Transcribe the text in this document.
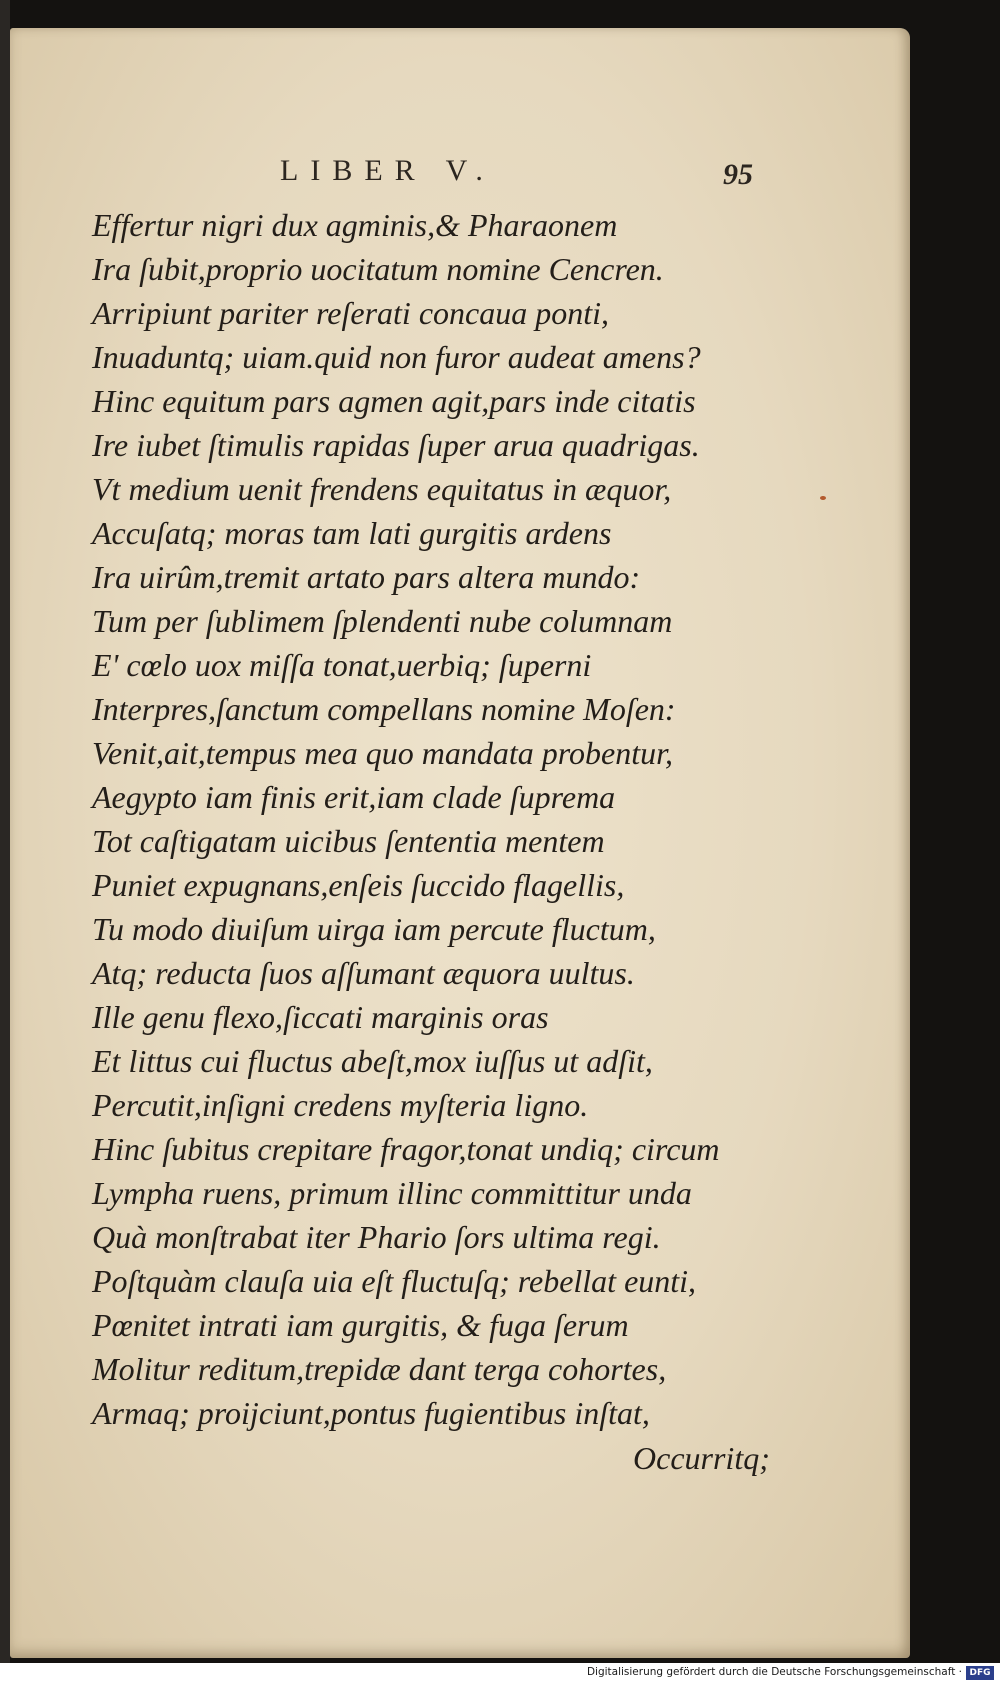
LIBER V.	95
Effertur nigri dux agminis,& Pharaonem
Ira ſubit,proprio uocitatum nomine Cencren.
Arripiunt pariter reſerati concaua ponti,
Inuaduntq; uiam.quid non furor audeat amens?
Hinc equitum pars agmen agit,pars inde citatis
Ire iubet ſtimulis rapidas ſuper arua quadrigas.
Vt medium uenit frendens equitatus in æquor,
Accuſatq; moras tam lati gurgitis ardens
Ira uirûm,tremit artato pars altera mundo:
Tum per ſublimem ſplendenti nube columnam
E' cœlo uox miſſa tonat,uerbiq; ſuperni
Interpres,ſanctum compellans nomine Moſen:
Venit,ait,tempus mea quo mandata probentur,
Aegypto iam finis erit,iam clade ſuprema
Tot caſtigatam uicibus ſententia mentem
Puniet expugnans,enſeis ſuccido flagellis,
Tu modo diuiſum uirga iam percute fluctum,
Atq; reducta ſuos aſſumant æquora uultus.
Ille genu flexo,ſiccati marginis oras
Et littus cui fluctus abeſt,mox iuſſus ut adſit,
Percutit,inſigni credens myſteria ligno.
Hinc ſubitus crepitare fragor,tonat undiq; circum
Lympha ruens, primum illinc committitur unda
Quà monſtrabat iter Phario ſors ultima regi.
Poſtquàm clauſa uia eſt fluctuſq; rebellat eunti,
Pœnitet intrati iam gurgitis, & fuga ſerum
Molitur reditum,trepidæ dant terga cohortes,
Armaq; proijciunt,pontus fugientibus inſtat,
Occurritq;
Digitalisierung gefördert durch die Deutsche Forschungsgemeinschaft · DFG
